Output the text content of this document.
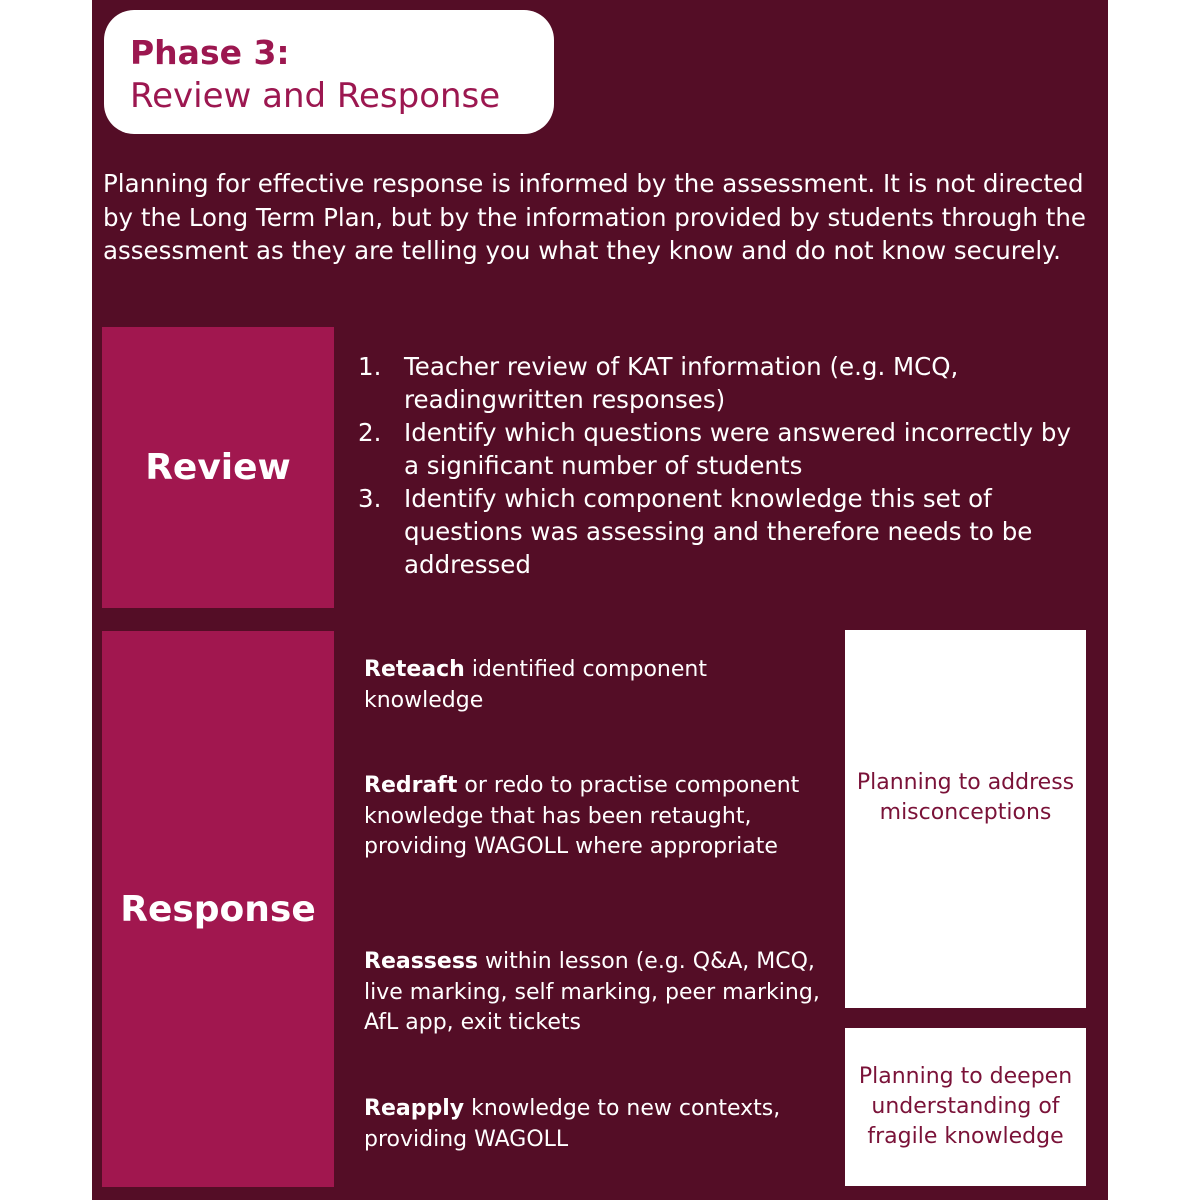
Phase 3:

Review and Response

Planning for effective response is informed by the assessment. It is not directed by the Long Term Plan, but by the information provided by students through the assessment as they are telling you what they know and do not know securely.

Review
1. Teacher review of KAT information (e.g. MCQ, readingwritten responses)
2. Identify which questions were answered incorrectly by a significant number of students
3. Identify which component knowledge this set of questions was assessing and therefore needs to be addressed
Response

Reteach identified component knowledge

Redraft or redo to practise component knowledge that has been retaught, providing WAGOLL where appropriate

Reassess within lesson (e.g. Q&A, MCQ, live marking, self marking, peer marking, AfL app, exit tickets

Reapply knowledge to new contexts, providing WAGOLL

Planning to address misconceptions
Planning to deepen understanding of fragile knowledge
